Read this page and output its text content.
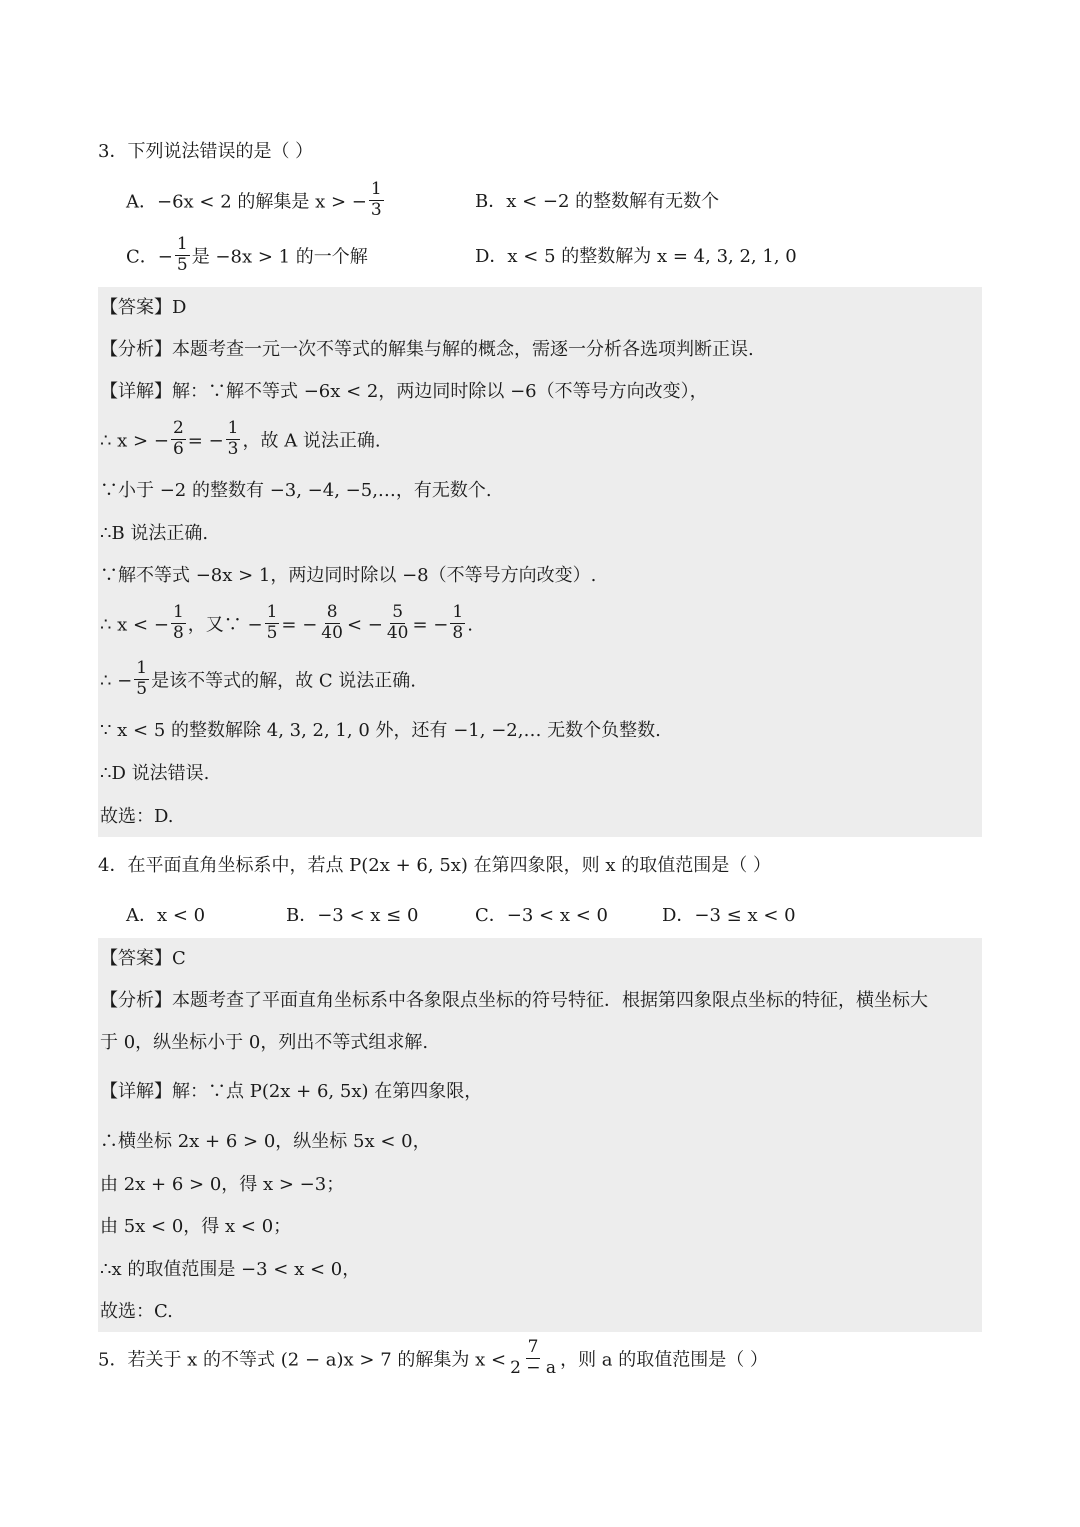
3．下列说法错误的是（ ）
A．−6x < 2 的解集是 x > − $\frac{1}{3}$	B．x < −2 的整数解有无数个
C．− $\frac{1}{5}$ 是 −8x > 1 的一个解	D．x < 5 的整数解为 x = 4, 3, 2, 1, 0
【答案】D
【分析】本题考查一元一次不等式的解集与解的概念，需逐一分析各选项判断正误.
【详解】解：∵解不等式 −6x < 2，两边同时除以 −6（不等号方向改变），
∴ x > − $\frac{2}{6}$ = − $\frac{1}{3}$ ，故 A 说法正确.
∵小于 −2 的整数有 −3, −4, −5,…，有无数个.
∴B 说法正确.
∵解不等式 −8x > 1，两边同时除以 −8（不等号方向改变）.
∴ x < − $\frac{1}{8}$ ，又∵ − $\frac{1}{5}$ = − $\frac{8}{40}$ < − $\frac{5}{40}$ = − $\frac{1}{8}$ .
∴ − $\frac{1}{5}$ 是该不等式的解，故 C 说法正确.
∵ x < 5 的整数解除 4, 3, 2, 1, 0 外，还有 −1, −2,… 无数个负整数.
∴D 说法错误.
故选：D.
4．在平面直角坐标系中，若点 P(2x + 6, 5x) 在第四象限，则 x 的取值范围是（ ）
A．x < 0	B．−3 < x ≤ 0	C．−3 < x < 0	D．−3 ≤ x < 0
【答案】C
【分析】本题考查了平面直角坐标系中各象限点坐标的符号特征．根据第四象限点坐标的特征，横坐标大
于 0，纵坐标小于 0，列出不等式组求解.
【详解】解：∵点 P(2x + 6, 5x) 在第四象限，
∴横坐标 2x + 6 > 0，纵坐标 5x < 0，
由 2x + 6 > 0，得 x > −3；
由 5x < 0，得 x < 0；
∴x 的取值范围是 −3 < x < 0，
故选：C.
5．若关于 x 的不等式 (2 − a)x > 7 的解集为 $x < \frac{7}{2 - a}$ ，则 a 的取值范围是（ ）
